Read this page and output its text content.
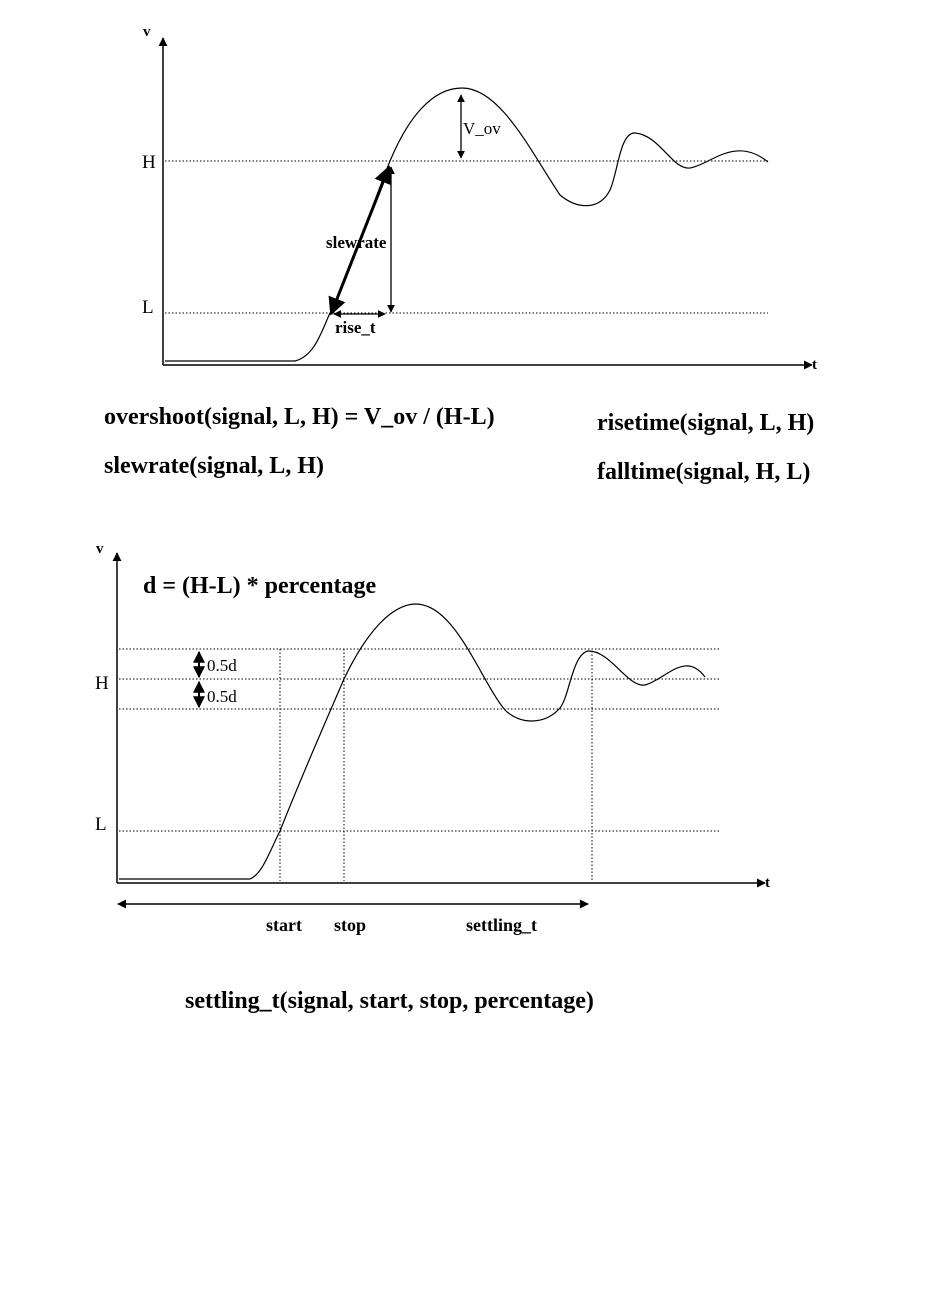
v
t
H
L
V_ov
slewrate
rise_t
overshoot(signal, L, H) = V_ov / (H-L)
slewrate(signal, L, H)
risetime(signal, L, H)
falltime(signal, H, L)
v
t
d = (H-L) * percentage
H
L
0.5d
0.5d
start stop	settling_t
settling_t(signal, start, stop, percentage)
